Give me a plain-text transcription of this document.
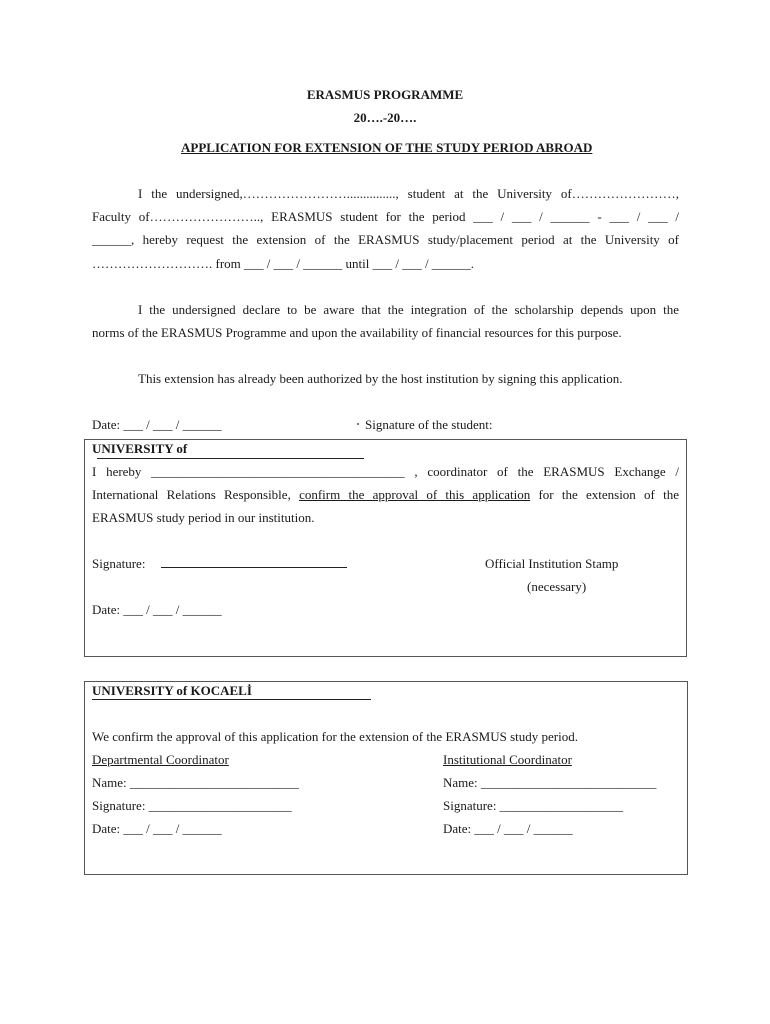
ERASMUS PROGRAMME
20….-20….
APPLICATION FOR EXTENSION OF THE STUDY PERIOD ABROAD
I the undersigned,……………………..............., student at the University of……………………,
Faculty of…………………….., ERASMUS student for the period ___ / ___ / ______ - ___ / ___ /
______, hereby request the extension of the ERASMUS study/placement period at the University of
………………………. from ___ / ___ / ______ until ___ / ___ / ______.
I the undersigned declare to be aware that the integration of the scholarship depends upon the
norms of the ERASMUS Programme and upon the availability of financial resources for this purpose.
This extension has already been authorized by the host institution by signing this application.
Date: ___ / ___ / ______	Signature of the student:
UNIVERSITY of
I hereby _______________________________________ , coordinator of the ERASMUS Exchange /
International Relations Responsible, confirm the approval of this application for the extension of the
ERASMUS study period in our institution.
Signature:	Official Institution Stamp
(necessary)
Date: ___ / ___ / ______
UNIVERSITY of KOCAELİ
We confirm the approval of this application for the extension of the ERASMUS study period.
Departmental Coordinator
Name: __________________________
Signature: ______________________
Date: ___ / ___ / ______
Institutional Coordinator
Name: ___________________________
Signature: ___________________
Date: ___ / ___ / ______
